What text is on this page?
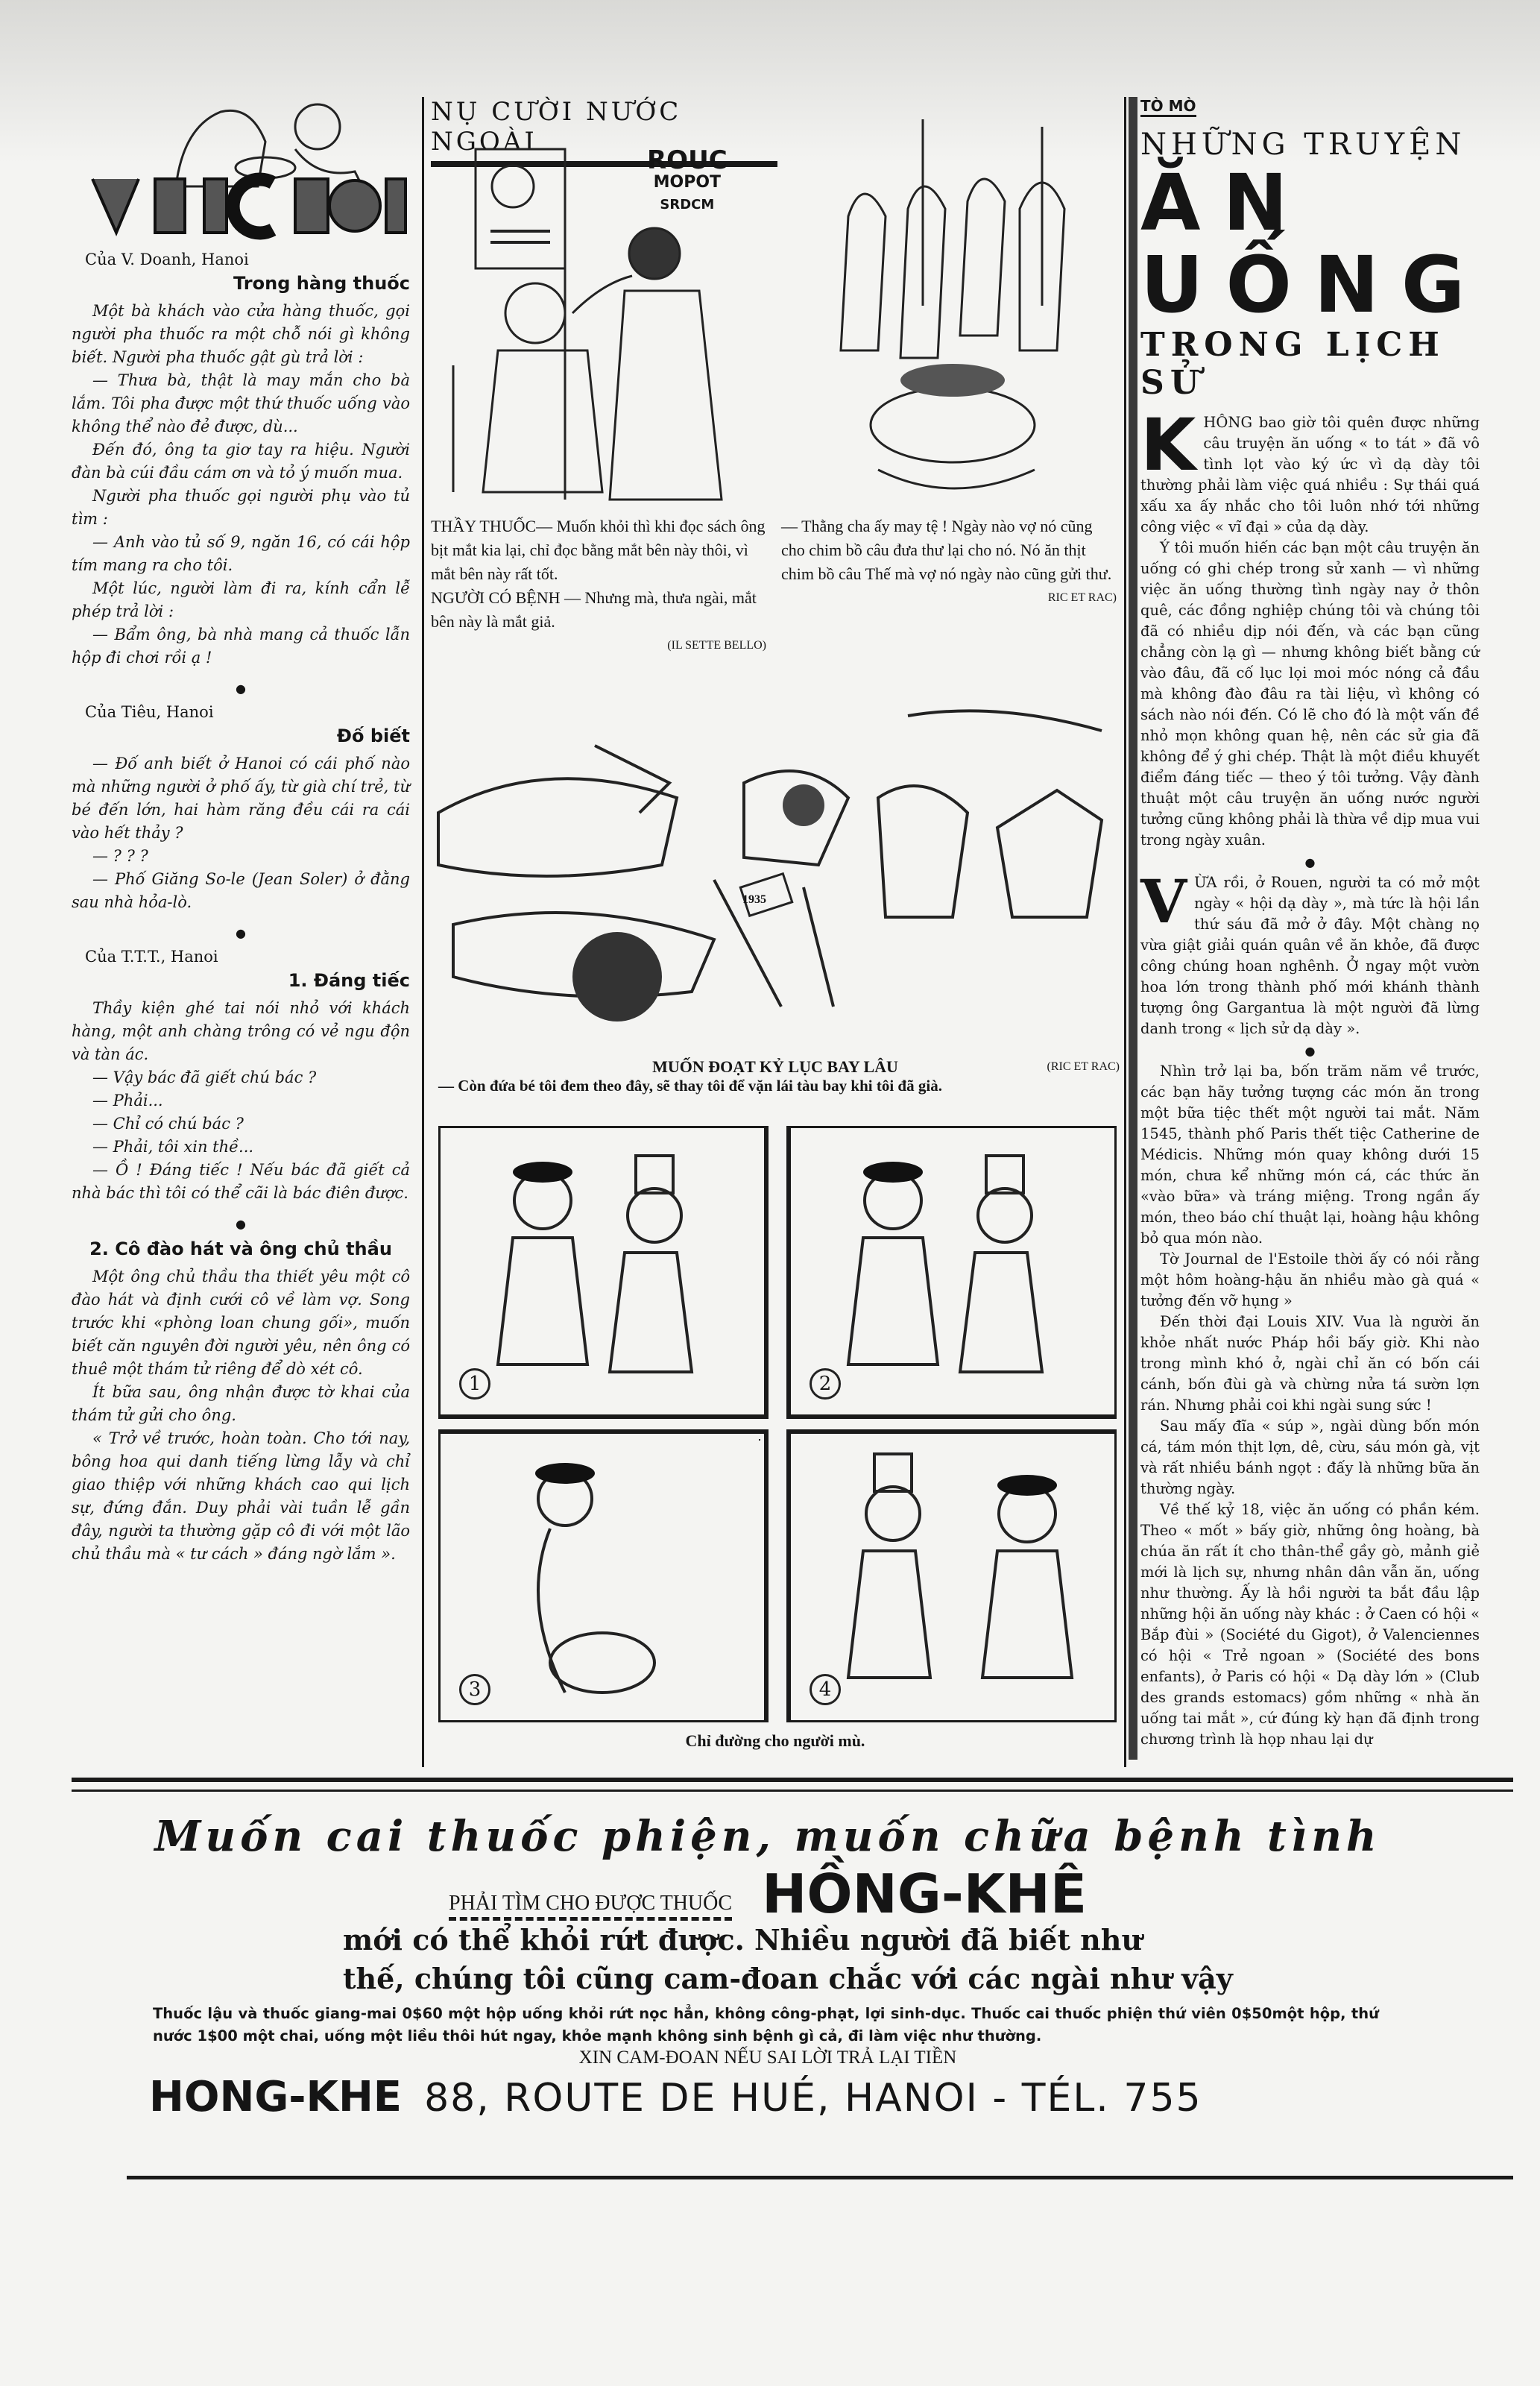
Của V. Doanh, Hanoi
Trong hàng thuốc

Một bà khách vào cửa hàng thuốc, gọi người pha thuốc ra một chỗ nói gì không biết. Người pha thuốc gật gù trả lời :

— Thưa bà, thật là may mắn cho bà lắm. Tôi pha được một thứ thuốc uống vào không thể nào đẻ được, dù...

Đến đó, ông ta giơ tay ra hiệu. Người đàn bà cúi đầu cám ơn và tỏ ý muốn mua.

Người pha thuốc gọi người phụ vào tủ tìm :

— Anh vào tủ số 9, ngăn 16, có cái hộp tím mang ra cho tôi.

Một lúc, người làm đi ra, kính cẩn lễ phép trả lời :

— Bẩm ông, bà nhà mang cả thuốc lẫn hộp đi chơi rồi ạ !

●
Của Tiêu, Hanoi
Đố biết

— Đố anh biết ở Hanoi có cái phố nào mà những người ở phố ấy, từ già chí trẻ, từ bé đến lớn, hai hàm răng đều cái ra cái vào hết thảy ?

— ? ? ?

— Phố Giăng So-le (Jean Soler) ở đằng sau nhà hỏa-lò.

●
Của T.T.T., Hanoi
1. Đáng tiếc

Thầy kiện ghé tai nói nhỏ với khách hàng, một anh chàng trông có vẻ ngu độn và tàn ác.

— Vậy bác đã giết chú bác ?

— Phải...

— Chỉ có chú bác ?

— Phải, tôi xin thề...

— Ồ ! Đáng tiếc ! Nếu bác đã giết cả nhà bác thì tôi có thể cãi là bác điên được.

●
2. Cô đào hát và ông chủ thầu

Một ông chủ thầu tha thiết yêu một cô đào hát và định cưới cô về làm vợ. Song trước khi «phòng loan chung gối», muốn biết căn nguyên đời người yêu, nên ông có thuê một thám tử riêng để dò xét cô.

Ít bữa sau, ông nhận được tờ khai của thám tử gửi cho ông.

« Trở về trước, hoàn toàn. Cho tới nay, bông hoa qui danh tiếng lừng lẫy và chỉ giao thiệp với những khách cao qui lịch sự, đứng đắn. Duy phải vài tuần lễ gần đây, người ta thường gặp cô đi với một lão chủ thầu mà « tư cách » đáng ngờ lắm ».

NỤ CƯỜI NƯỚC NGOÀI
ROUC
MOPOT
SRDCM
THẦY THUỐC— Muốn khỏi thì khi đọc sách ông bịt mắt kia lại, chỉ đọc bằng mắt bên này thôi, vì mắt bên này rất tốt.
NGƯỜI CÓ BỆNH — Nhưng mà, thưa ngài, mắt bên này là mắt giả.
(IL SETTE BELLO)
— Thằng cha ấy may tệ ! Ngày nào vợ nó cũng cho chim bồ câu đưa thư lại cho nó. Nó ăn thịt chim bồ câu Thế mà vợ nó ngày nào cũng gửi thư.
RIC ET RAC)
1935
MUỐN ĐOẠT KỶ LỤC BAY LÂU	(RIC ET RAC)
— Còn đứa bé tôi đem theo đây, sẽ thay tôi để vặn lái tàu bay khi tôi đã già.
1	2
3	4
Chỉ đường cho người mù.
TÒ MÒ
NHỮNG TRUYỆN
ĂN UỐNG
TRONG LỊCH SỬ

KHÔNG bao giờ tôi quên được những câu truyện ăn uống « to tát » đã vô tình lọt vào ký ức vì dạ dày tôi thường phải làm việc quá nhiều : Sự thái quá xấu xa ấy nhắc cho tôi luôn nhớ tới những công việc « vĩ đại » của dạ dày.

Ý tôi muốn hiến các bạn một câu truyện ăn uống có ghi chép trong sử xanh — vì những việc ăn uống thường tình ngày nay ở thôn quê, các đồng nghiệp chúng tôi và chúng tôi đã có nhiều dịp nói đến, và các bạn cũng chẳng còn lạ gì — nhưng không biết bằng cứ vào đâu, đã cố lục lọi moi móc nóng cả đầu mà không đào đâu ra tài liệu, vì không có sách nào nói đến. Có lẽ cho đó là một vấn đề nhỏ mọn không quan hệ, nên các sử gia đã không để ý ghi chép. Thật là một điều khuyết điểm đáng tiếc — theo ý tôi tưởng. Vậy đành thuật một câu truyện ăn uống nước người tưởng cũng không phải là thừa về dịp mua vui trong ngày xuân.

●

VỪA rồi, ở Rouen, người ta có mở một ngày « hội dạ dày », mà tức là hội lần thứ sáu đã mở ở đây. Một chàng nọ vừa giật giải quán quân về ăn khỏe, đã được công chúng hoan nghênh. Ở ngay một vườn hoa lớn trong thành phố mới khánh thành tượng ông Gargantua là một người đã lừng danh trong « lịch sử dạ dày ».

●

Nhìn trở lại ba, bốn trăm năm về trước, các bạn hãy tưởng tượng các món ăn trong một bữa tiệc thết một người tai mắt. Năm 1545, thành phố Paris thết tiệc Catherine de Médicis. Những món quay không dưới 15 món, chưa kể những món cá, các thức ăn «vào bữa» và tráng miệng. Trong ngần ấy món, theo báo chí thuật lại, hoàng hậu không bỏ qua món nào.

Tờ Journal de l'Estoile thời ấy có nói rằng một hôm hoàng-hậu ăn nhiều mào gà quá « tưởng đến vỡ hụng »

Đến thời đại Louis XIV. Vua là người ăn khỏe nhất nước Pháp hồi bấy giờ. Khi nào trong mình khó ở, ngài chỉ ăn có bốn cái cánh, bốn đùi gà và chừng nửa tá sườn lợn rán. Nhưng phải coi khi ngài sung sức !

Sau mấy đĩa « súp », ngài dùng bốn món cá, tám món thịt lợn, dê, cừu, sáu món gà, vịt và rất nhiều bánh ngọt : đấy là những bữa ăn thường ngày.

Về thế kỷ 18, việc ăn uống có phần kém. Theo « mốt » bấy giờ, những ông hoàng, bà chúa ăn rất ít cho thân-thể gầy gò, mảnh giẻ mới là lịch sự, nhưng nhân dân vẫn ăn, uống như thường. Ấy là hồi người ta bắt đầu lập những hội ăn uống này khác : ở Caen có hội « Bắp đùi » (Société du Gigot), ở Valenciennes có hội « Trẻ ngoan » (Société des bons enfants), ở Paris có hội « Dạ dày lớn » (Club des grands estomacs) gồm những « nhà ăn uống tai mắt », cứ đúng kỳ hạn đã định trong chương trình là họp nhau lại dự

Muốn cai thuốc phiện, muốn chữa bệnh tình
PHẢI TÌM CHO ĐƯỢC THUỐC HỒNG-KHÊ
mới có thể khỏi rứt được. Nhiều người đã biết như
thế, chúng tôi cũng cam-đoan chắc với các ngài như vậy
Thuốc lậu và thuốc giang-mai 0$60 một hộp uống khỏi rứt nọc hẳn, không công-phạt, lợi sinh-dục. Thuốc cai thuốc phiện thứ viên 0$50một hộp, thứ nước 1$00 một chai, uống một liều thôi hút ngay, khỏe mạnh không sinh bệnh gì cả, đi làm việc như thường.
XIN CAM-ĐOAN NẾU SAI LỜI TRẢ LẠI TIỀN
HONG-KHE 88, ROUTE DE HUÉ, HANOI - TÉL. 755
